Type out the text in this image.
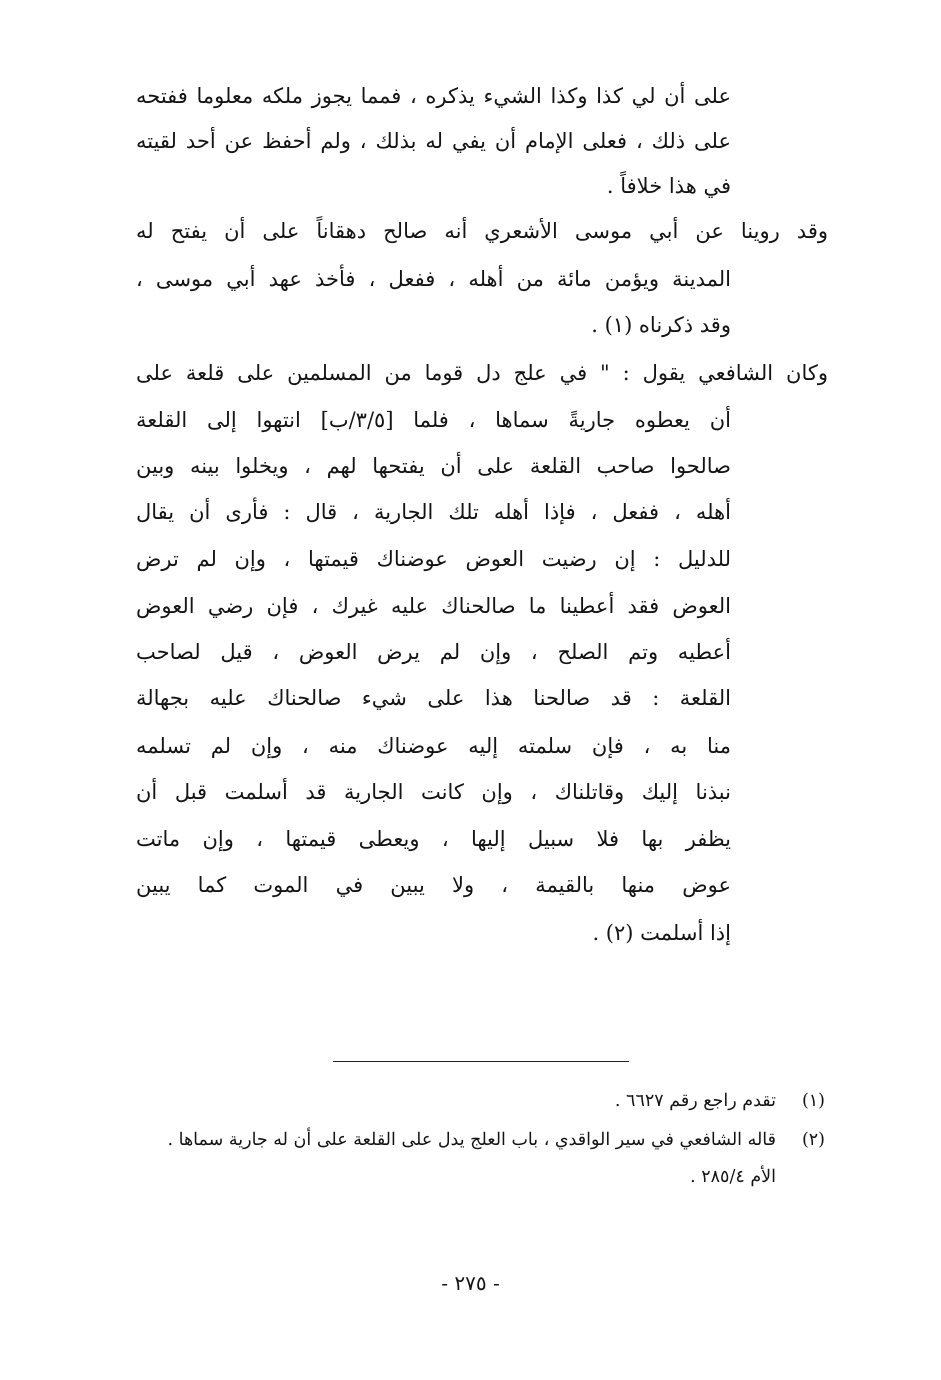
على أن لي كذا وكذا الشيء يذكره ، فمما يجوز ملكه معلوما ففتحه
على ذلك ، فعلى الإمام أن يفي له بذلك ، ولم أحفظ عن أحد لقيته
في هذا خلافاً .
وقد روينا عن أبي موسى الأشعري أنه صالح دهقاناً على أن يفتح له
المدينة ويؤمن مائة من أهله ، ففعل ، فأخذ عهد أبي موسى ،
وقد ذكرناه (١) .
وكان الشافعي يقول : " في علج دل قوما من المسلمين على قلعة على
أن يعطوه جاريةً سماها ، فلما [٣/٥/ب] انتهوا إلى القلعة
صالحوا صاحب القلعة على أن يفتحها لهم ، ويخلوا بينه وبين
أهله ، ففعل ، فإذا أهله تلك الجارية ، قال : فأرى أن يقال
للدليل : إن رضيت العوض عوضناك قيمتها ، وإن لم ترض
العوض فقد أعطينا ما صالحناك عليه غيرك ، فإن رضي العوض
أعطيه وتم الصلح ، وإن لم يرض العوض ، قيل لصاحب
القلعة : قد صالحنا هذا على شيء صالحناك عليه بجهالة
منا به ، فإن سلمته إليه عوضناك منه ، وإن لم تسلمه
نبذنا إليك وقاتلناك ، وإن كانت الجارية قد أسلمت قبل أن
يظفر بها فلا سبيل إليها ، ويعطى قيمتها ، وإن ماتت
عوض منها بالقيمة ، ولا يبين في الموت كما يبين
إذا أسلمت (٢) .
(١)
تقدم راجع رقم ٦٦٢٧ .
(٢)
قاله الشافعي في سير الواقدي ، باب العلج يدل على القلعة على أن له جارية سماها .
الأم ٢٨٥/٤ .
- ٢٧٥ -
